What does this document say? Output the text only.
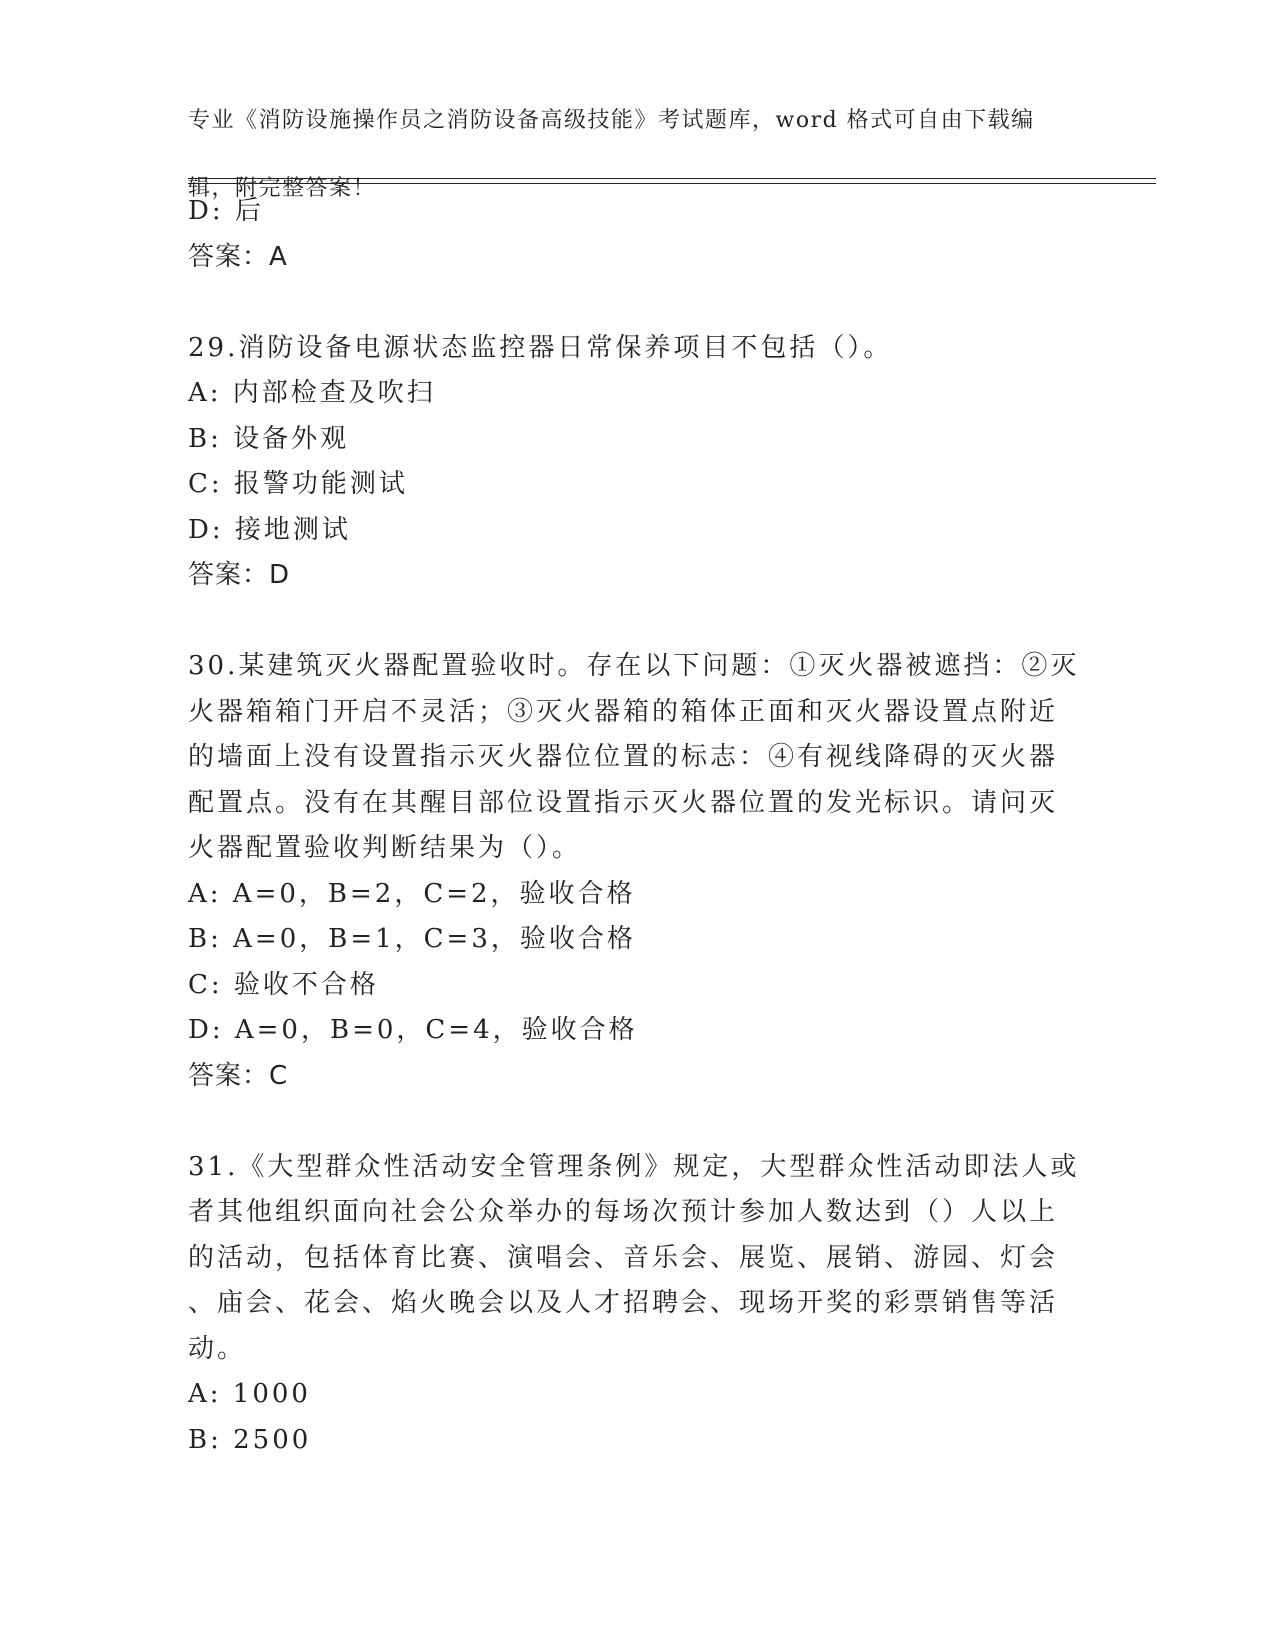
专业《消防设施操作员之消防设备高级技能》考试题库，word 格式可自由下载编

辑，附完整答案！

D: 后
答案：A
29.消防设备电源状态监控器日常保养项目不包括（）。
A: 内部检查及吹扫
B: 设备外观
C: 报警功能测试
D: 接地测试
答案：D
30.某建筑灭火器配置验收时。存在以下问题：①灭火器被遮挡：②灭
火器箱箱门开启不灵活；③灭火器箱的箱体正面和灭火器设置点附近
的墙面上没有设置指示灭火器位位置的标志：④有视线降碍的灭火器
配置点。没有在其醒目部位设置指示灭火器位置的发光标识。请问灭
火器配置验收判断结果为（）。
A: A=0，B=2，C=2，验收合格
B: A=0，B=1，C=3，验收合格
C: 验收不合格
D: A=0，B=0，C=4，验收合格
答案：C
31.《大型群众性活动安全管理条例》规定，大型群众性活动即法人或
者其他组织面向社会公众举办的每场次预计参加人数达到（）人以上
的活动，包括体育比赛、演唱会、音乐会、展览、展销、游园、灯会
、庙会、花会、焰火晚会以及人才招聘会、现场开奖的彩票销售等活
动。
A: 1000
B: 2500
